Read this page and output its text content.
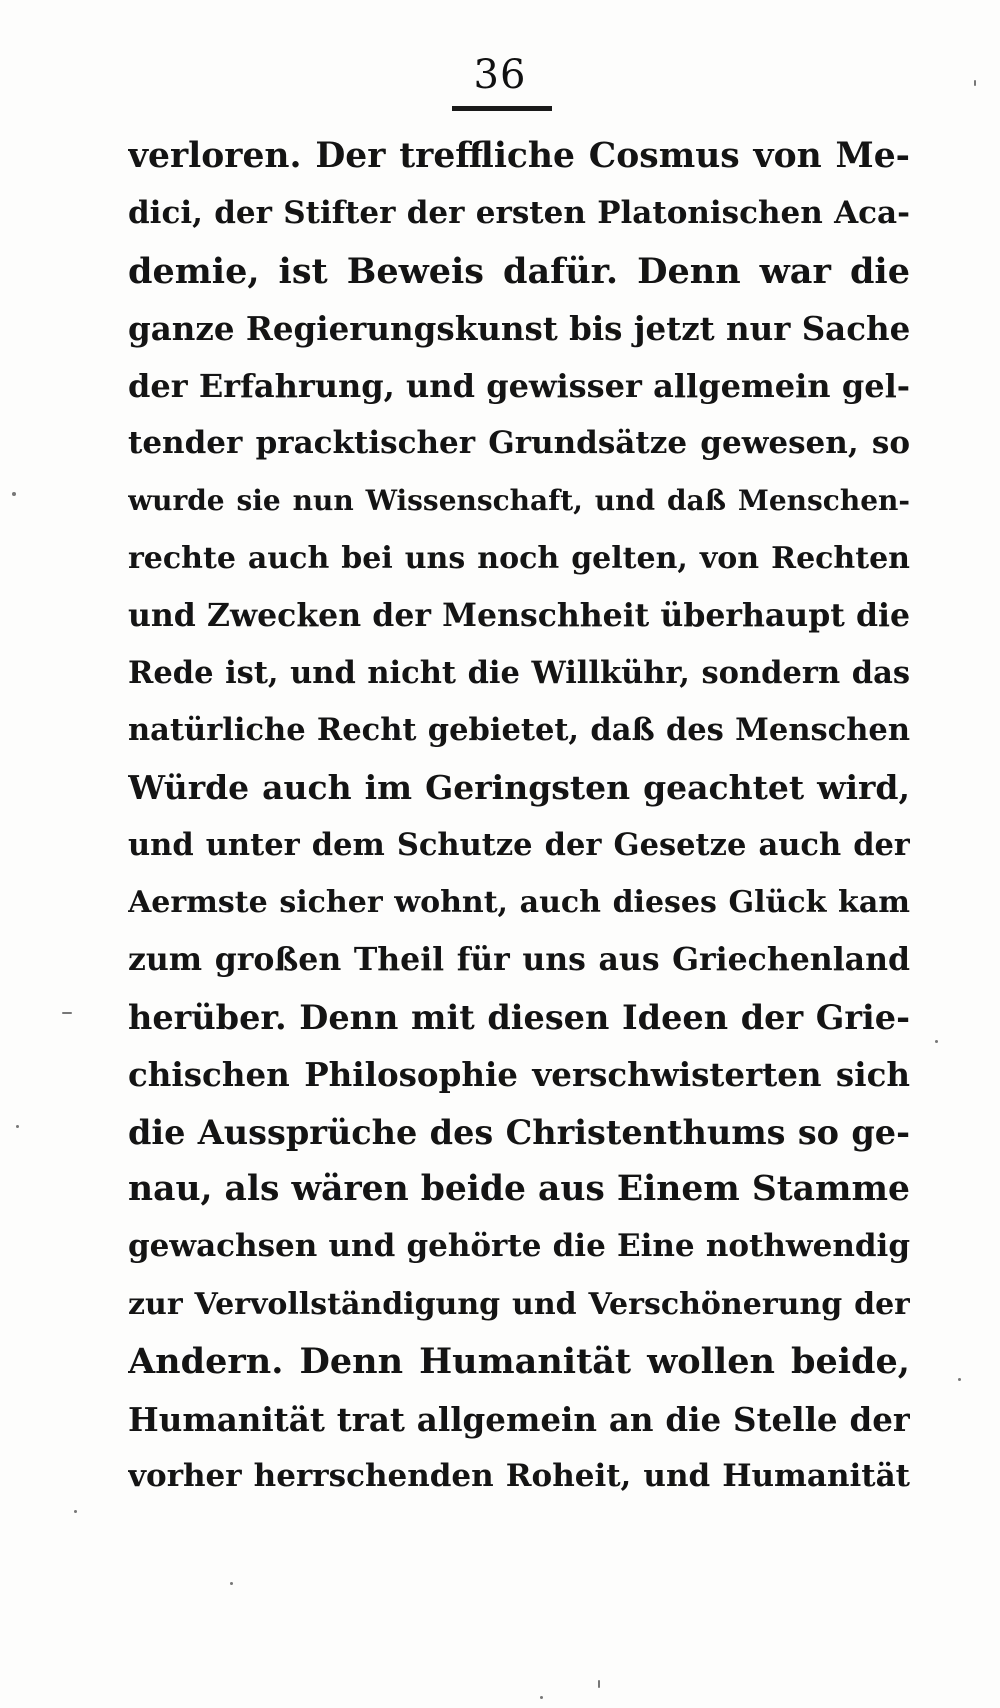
36
verloren. Der treffliche Cosmus von Me-
dici, der Stifter der ersten Platonischen Aca-
demie, ist Beweis dafür. Denn war die
ganze Regierungskunst bis jetzt nur Sache
der Erfahrung, und gewisser allgemein gel-
tender pracktischer Grundsätze gewesen, so
wurde sie nun Wissenschaft, und daß Menschen-
rechte auch bei uns noch gelten, von Rechten
und Zwecken der Menschheit überhaupt die
Rede ist, und nicht die Willkühr, sondern das
natürliche Recht gebietet, daß des Menschen
Würde auch im Geringsten geachtet wird,
und unter dem Schutze der Gesetze auch der
Aermste sicher wohnt, auch dieses Glück kam
zum großen Theil für uns aus Griechenland
herüber. Denn mit diesen Ideen der Grie-
chischen Philosophie verschwisterten sich
die Aussprüche des Christenthums so ge-
nau, als wären beide aus Einem Stamme
gewachsen und gehörte die Eine nothwendig
zur Vervollständigung und Verschönerung der
Andern. Denn Humanität wollen beide,
Humanität trat allgemein an die Stelle der
vorher herrschenden Roheit, und Humanität
